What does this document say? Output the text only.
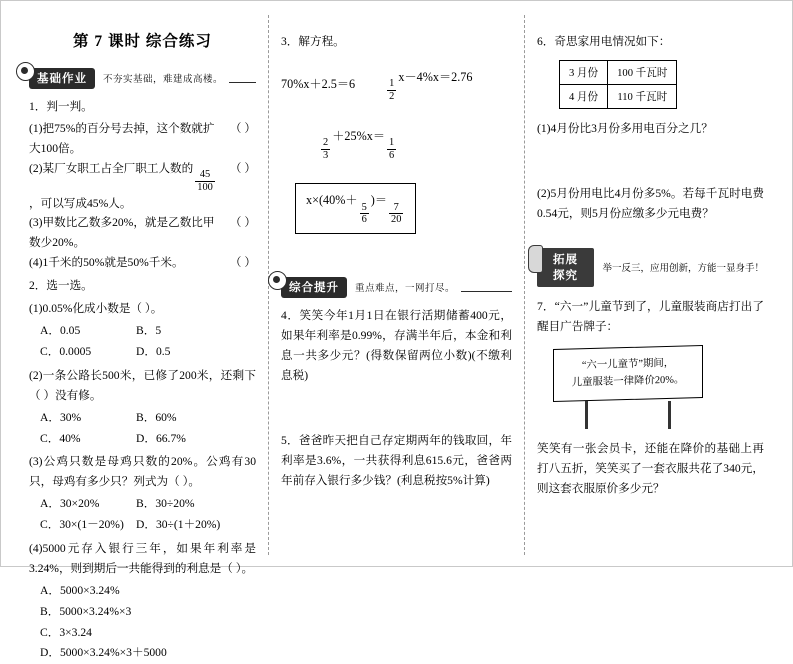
第 7 课时 综合练习
基础作业	不夯实基础，难建成高楼。
1．判一判。
(1)把75%的百分号去掉，这个数就扩大100倍。
（ ）
(2)某厂女职工占全厂职工人数的
$\frac{45}{100}$
，可以写成45%人。
（ ）
(3)甲数比乙数多20%，就是乙数比甲数少20%。
（ ）
(4)1千米的50%就是50%千米。	（ ）
2．选一选。
(1)0.05%化成小数是（ ）。
A．0.05	B．5
C．0.0005	D．0.5
(2)一条公路长500米，已修了200米，还剩下（ ）没有修。
A．30%	B．60%
C．40%	D．66.7%
(3)公鸡只数是母鸡只数的20%。公鸡有30只，母鸡有多少只？列式为（ ）。
A．30×20%	B．30÷20%
C．30×(1－20%)	D．30÷(1＋20%)
(4)5000元存入银行三年，如果年利率是3.24%，则到期后一共能得到的利息是（ ）。
A．5000×3.24%
B．5000×3.24%×3
C．3×3.24
D．5000×3.24%×3＋5000
3．解方程。
70%x＋2.5＝6	$\frac{1}{2}$
x－4%x＝2.76
$\frac{2}{3}$
＋25%x＝
$\frac{1}{6}$
x×(40%＋
$\frac{5}{6}$
)＝
$\frac{7}{20}$
综合提升	重点难点，一网打尽。
4．笑笑今年1月1日在银行活期储蓄400元，如果年利率是0.99%，存满半年后，本金和利息一共多少元？(得数保留两位小数)(不缴利息税)
5．爸爸昨天把自己存定期两年的钱取回，年利率是3.6%，一共获得利息615.6元，爸爸两年前存入银行多少钱？(利息税按5%计算)
6．奇思家用电情况如下：
3 月份	100 千瓦时
4 月份	110 千瓦时
(1)4月份比3月份多用电百分之几？
(2)5月份用电比4月份多5%。若每千瓦时电费0.54元，则5月份应缴多少元电费？
拓展探究
举一反三，应用创新，方能一显身手！
7．“六一”儿童节到了，儿童服装商店打出了醒目广告牌子：
“六一儿童节”期间，
儿童服装一律降价20%。
笑笑有一张会员卡，还能在降价的基础上再打八五折，笑笑买了一套衣服共花了340元，则这套衣服原价多少元？
